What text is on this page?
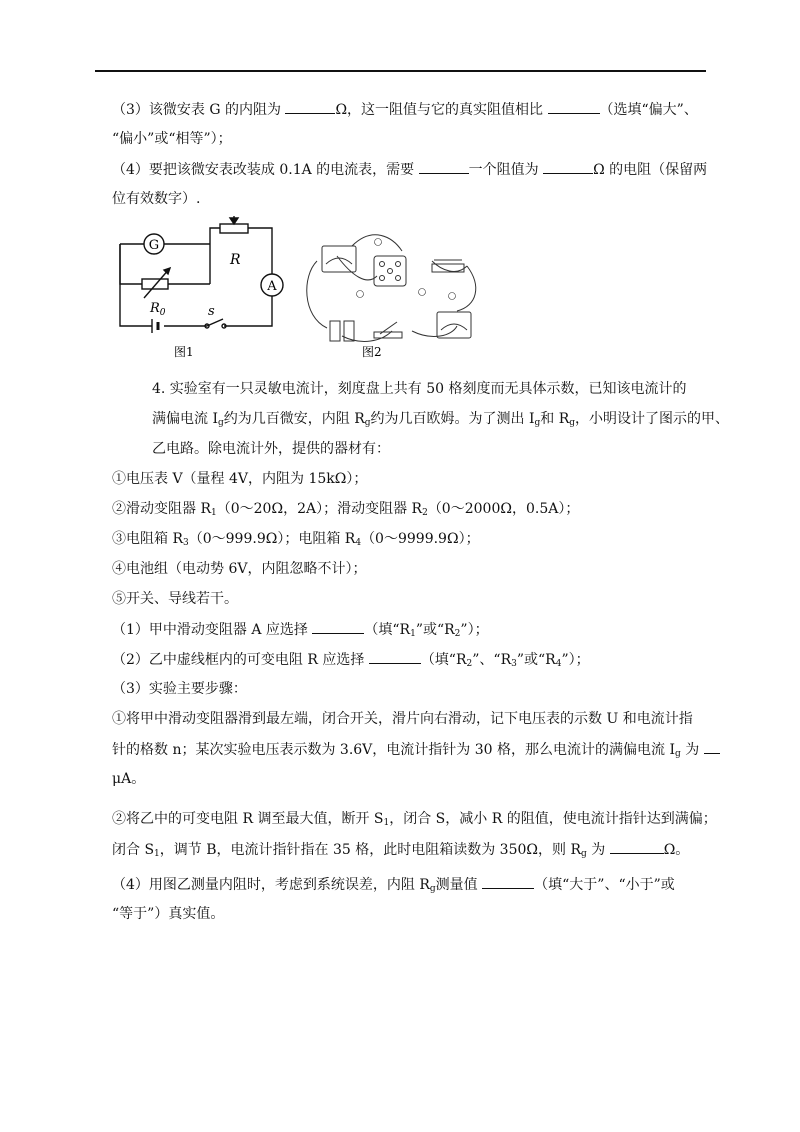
（3）该微安表 G 的内阻为	Ω，这一阻值与它的真实阻值相比	（选填“偏大”、
“偏小”或“相等”）；
（4）要把该微安表改装成 0.1A 的电流表，需要	一个阻值为	Ω 的电阻（保留两
位有效数字）.
G
A
R
$R_0$	s
图1	图2
4. 实验室有一只灵敏电流计，刻度盘上共有 50 格刻度而无具体示数，已知该电流计的
满偏电流 $I_g$约为几百微安，内阻 $R_g$约为几百欧姆。为了测出 $I_g$和 $R_g$，小明设计了图示的甲、
乙电路。除电流计外，提供的器材有：
①电压表 V（量程 4V，内阻为 15kΩ）；
②滑动变阻器 $R_1(0\sim 20\Omega$，2A）；滑动变阻器 $R_2(0\sim 2000\Omega$，0.5A）；
③电阻箱 $R_3(0\sim 999.9\Omega)$；电阻箱 $R_4(0\sim 9999.9\Omega)$；
④电池组（电动势 6V，内阻忽略不计）；
⑤开关、导线若干。
（1）甲中滑动变阻器 A 应选择	（填“$R_1$”或“$R_2$”）；
（2）乙中虚线框内的可变电阻 R 应选择	（填“$R_2$”、“$R_3$”或“$R_4$”）；
（3）实验主要步骤：
①将甲中滑动变阻器滑到最左端，闭合开关，滑片向右滑动，记下电压表的示数 U 和电流计指
针的格数 n；某次实验电压表示数为 3.6V，电流计指针为 30 格，那么电流计的满偏电流 $I_g$ 为
μA。
②将乙中的可变电阻 R 调至最大值，断开 $S_1$，闭合 S，减小 R 的阻值，使电流计指针达到满偏；
闭合 $S_1$，调节 B，电流计指针指在 35 格，此时电阻箱读数为 350Ω，则 $R_g$ 为	Ω。
（4）用图乙测量内阻时，考虑到系统误差，内阻 $R_g$测量值	（填“大于”、“小于”或
“等于”）真实值。
